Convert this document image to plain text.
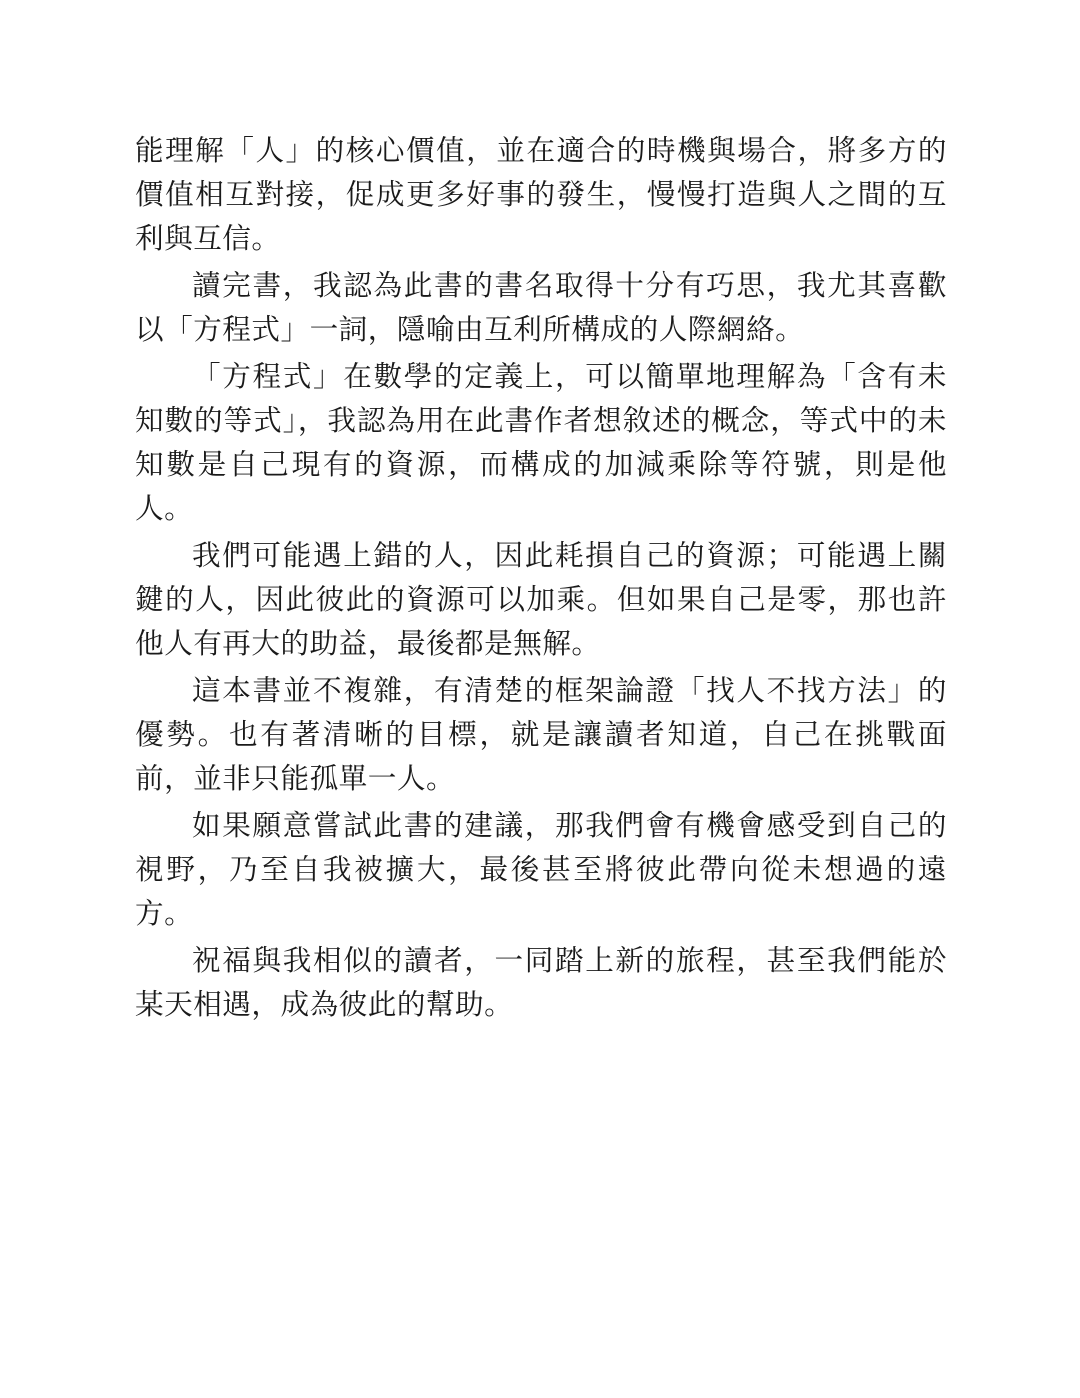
能理解「人」的核心價值，並在適合的時機與場合，將多方的價值相互對接，促成更多好事的發生，慢慢打造與人之間的互利與互信。

讀完書，我認為此書的書名取得十分有巧思，我尤其喜歡以「方程式」一詞，隱喻由互利所構成的人際網絡。

「方程式」在數學的定義上，可以簡單地理解為「含有未知數的等式」，我認為用在此書作者想敘述的概念，等式中的未知數是自己現有的資源，而構成的加減乘除等符號，則是他人。

我們可能遇上錯的人，因此耗損自己的資源；可能遇上關鍵的人，因此彼此的資源可以加乘。但如果自己是零，那也許他人有再大的助益，最後都是無解。

這本書並不複雜，有清楚的框架論證「找人不找方法」的優勢。也有著清晰的目標，就是讓讀者知道，自己在挑戰面前，並非只能孤單一人。

如果願意嘗試此書的建議，那我們會有機會感受到自己的視野，乃至自我被擴大，最後甚至將彼此帶向從未想過的遠方。

祝福與我相似的讀者，一同踏上新的旅程，甚至我們能於某天相遇，成為彼此的幫助。
